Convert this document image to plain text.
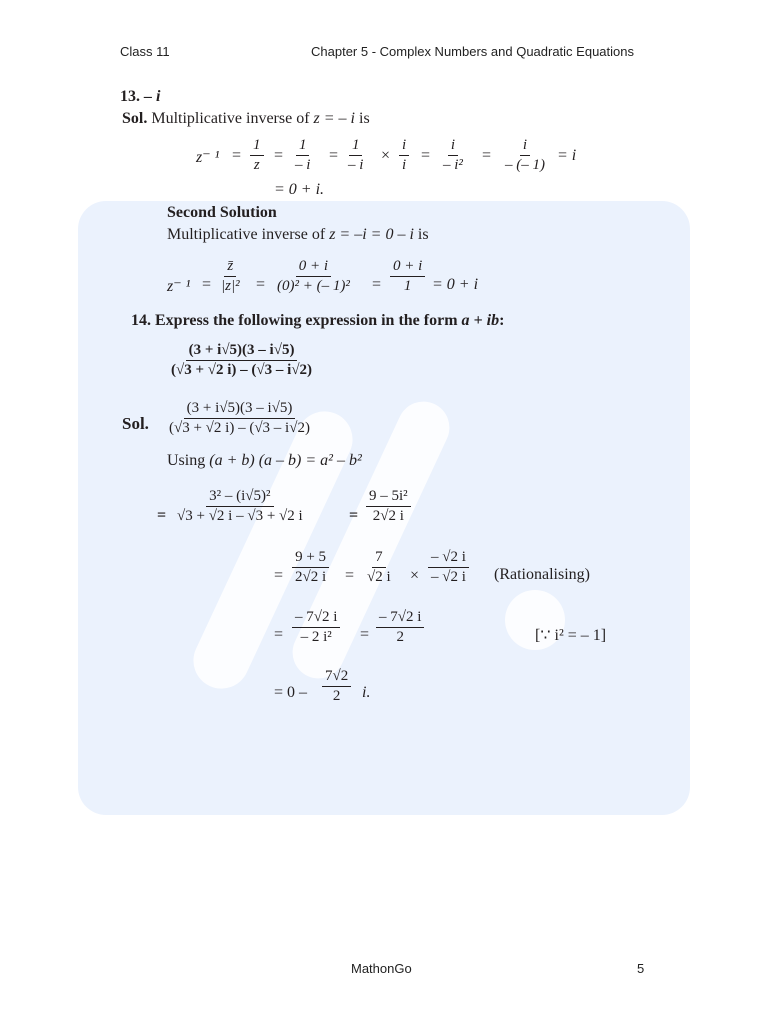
Class 11	Chapter 5 - Complex Numbers and Quadratic Equations
13. – i
Sol. Multiplicative inverse of z = – i is
z⁻ $^1 = \frac{1}{z} = \frac{1}{- i} = \frac{1}{- i} \times \frac{i}{i} = \frac{i}{\text{– i²}} = \frac{i}{- (- 1)} = i$
= 0 + i.
Second Solution
Multiplicative inverse of z = –i = 0 – i is
z⁻ $^1 = \frac{z̄}{\text{|z|²}} = \frac{0 + i}{\text{(0)² + (– 1)²}} = \frac{0 + i}{1} = 0 + i$
14. Express the following expression in the form a + ib:
$\frac{(3 + i√5)(3 - i√5)}{(√3 + √2 i) - (√3 - i√2)}$
Sol. $\frac{(3 + i√5)(3 - i√5)}{(√3 + √2 i) - (√3 - i√2)}$
Using (a + b) (a – b) = a² – b²
= $\frac{\text{3² – (i√5)²}}{√3 + √2 i - √3 + √2 i}$	= $\frac{\text{9 – 5i²}}{2√2 i}$
= $\frac{9 + 5}{2√2 i} = \frac{7}{√2 i} \times \frac{- √2 i}{- √2 i}$ (Rationalising)
= $\frac{- 7√2 i}{\text{– 2 i²}} = \frac{- 7√2 i}{2}$	[∵ i² = – 1]
= $0 - \frac{7√2}{2} i$.
MathonGo	5
